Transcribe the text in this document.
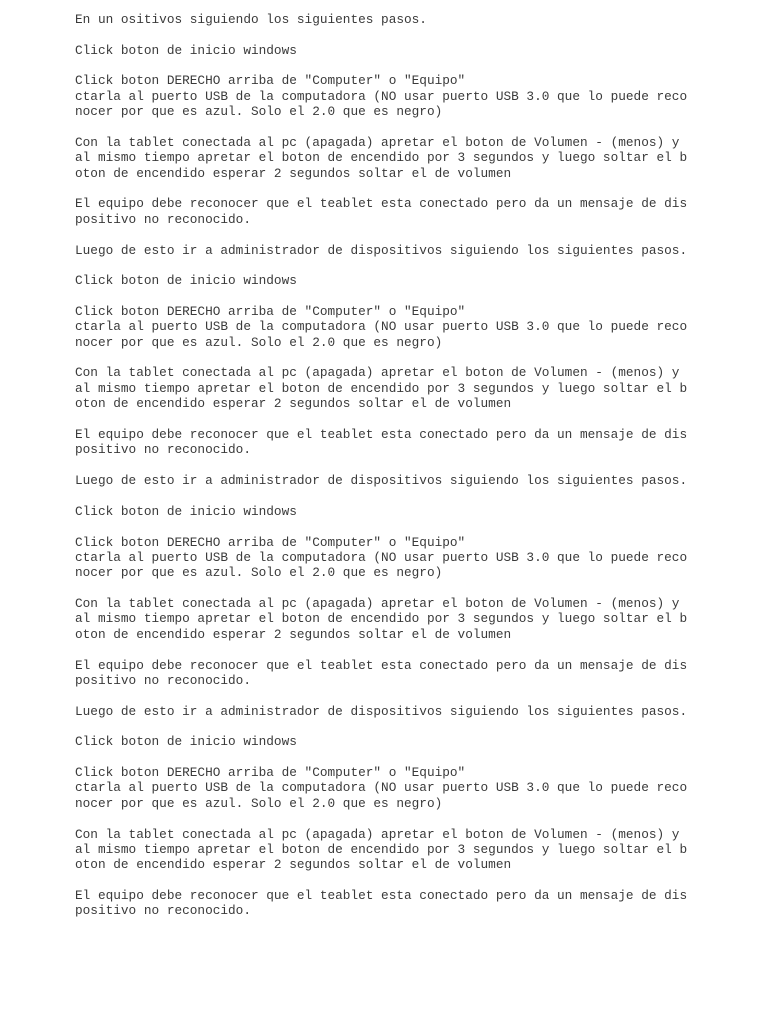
En un ositivos siguiendo los siguientes pasos.
Click boton de inicio windows
Click boton DERECHO arriba de "Computer" o "Equipo"
ctarla al puerto USB de la computadora (NO usar puerto USB 3.0 que lo puede reco
nocer por que es azul. Solo el 2.0 que es negro)
Con la tablet conectada al pc (apagada) apretar el boton de Volumen - (menos) y
al mismo tiempo apretar el boton de encendido por 3 segundos y luego soltar el b
oton de encendido esperar 2 segundos soltar el de volumen
El equipo debe reconocer que el teablet esta conectado pero da un mensaje de dis
positivo no reconocido.
Luego de esto ir a administrador de dispositivos siguiendo los siguientes pasos.
Click boton de inicio windows
Click boton DERECHO arriba de "Computer" o "Equipo"
ctarla al puerto USB de la computadora (NO usar puerto USB 3.0 que lo puede reco
nocer por que es azul. Solo el 2.0 que es negro)
Con la tablet conectada al pc (apagada) apretar el boton de Volumen - (menos) y
al mismo tiempo apretar el boton de encendido por 3 segundos y luego soltar el b
oton de encendido esperar 2 segundos soltar el de volumen
El equipo debe reconocer que el teablet esta conectado pero da un mensaje de dis
positivo no reconocido.
Luego de esto ir a administrador de dispositivos siguiendo los siguientes pasos.
Click boton de inicio windows
Click boton DERECHO arriba de "Computer" o "Equipo"
ctarla al puerto USB de la computadora (NO usar puerto USB 3.0 que lo puede reco
nocer por que es azul. Solo el 2.0 que es negro)
Con la tablet conectada al pc (apagada) apretar el boton de Volumen - (menos) y
al mismo tiempo apretar el boton de encendido por 3 segundos y luego soltar el b
oton de encendido esperar 2 segundos soltar el de volumen
El equipo debe reconocer que el teablet esta conectado pero da un mensaje de dis
positivo no reconocido.
Luego de esto ir a administrador de dispositivos siguiendo los siguientes pasos.
Click boton de inicio windows
Click boton DERECHO arriba de "Computer" o "Equipo"
ctarla al puerto USB de la computadora (NO usar puerto USB 3.0 que lo puede reco
nocer por que es azul. Solo el 2.0 que es negro)
Con la tablet conectada al pc (apagada) apretar el boton de Volumen - (menos) y
al mismo tiempo apretar el boton de encendido por 3 segundos y luego soltar el b
oton de encendido esperar 2 segundos soltar el de volumen
El equipo debe reconocer que el teablet esta conectado pero da un mensaje de dis
positivo no reconocido.
